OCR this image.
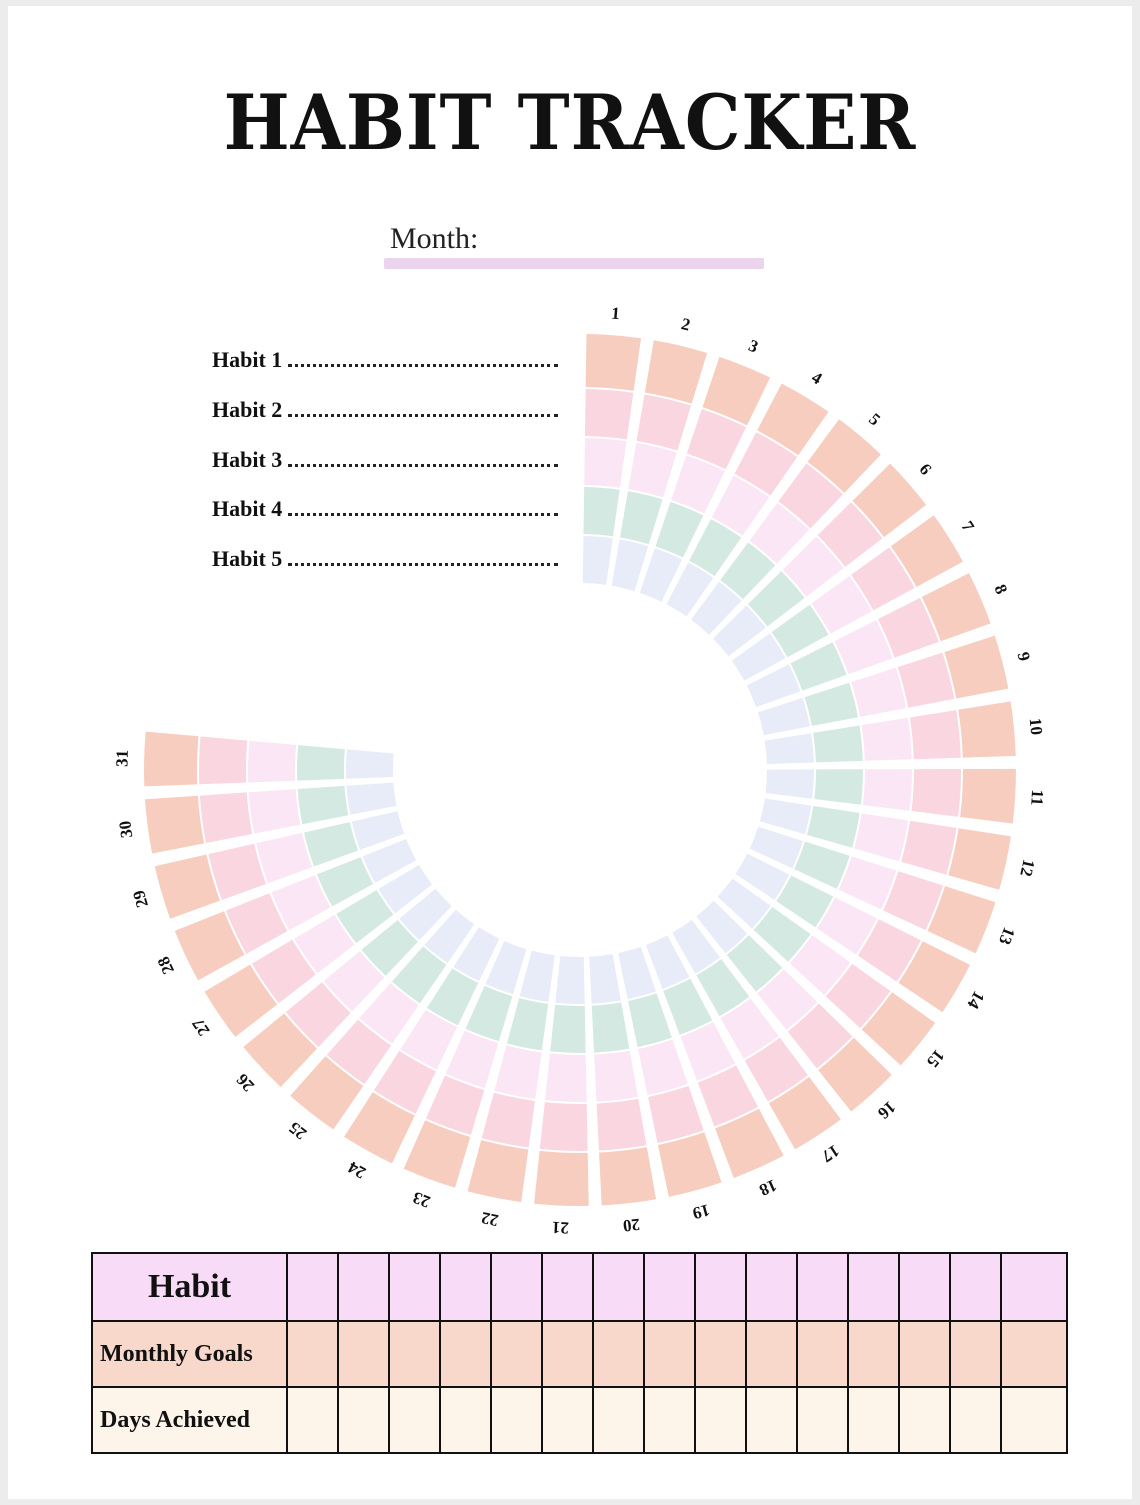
HABIT TRACKER
Month:
Habit 1
Habit 2
Habit 3
Habit 4
Habit 5
1
2
3
4
5
6
7
8
9
10
11
12
13
14
15
16
17
18
19
20
21
22
23
24
25
26
27
28
29
30
31
Habit															
Monthly Goals															
Days Achieved															
